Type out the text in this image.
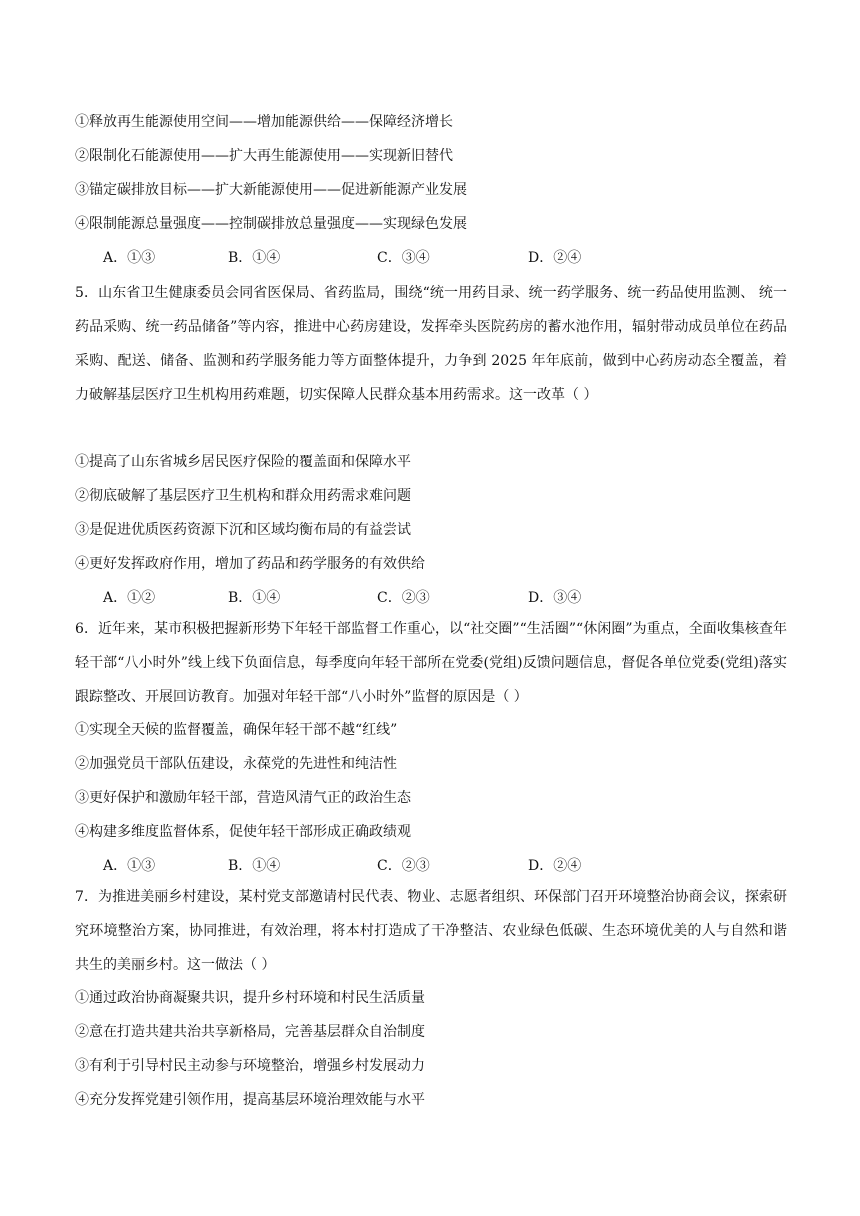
①释放再生能源使用空间——增加能源供给——保障经济增长
②限制化石能源使用——扩大再生能源使用——实现新旧替代
③锚定碳排放目标——扩大新能源使用——促进新能源产业发展
④限制能源总量强度——控制碳排放总量强度——实现绿色发展
A．①③	B．①④	C．③④	D．②④
5．山东省卫生健康委员会同省医保局、省药监局，围绕“统一用药目录、统一药学服务、统一药品使用监测、 统一药品采购、统一药品储备”等内容，推进中心药房建设，发挥牵头医院药房的蓄水池作用，辐射带动成员单位在药品采购、配送、储备、监测和药学服务能力等方面整体提升，力争到 2025 年年底前，做到中心药房动态全覆盖，着力破解基层医疗卫生机构用药难题，切实保障人民群众基本用药需求。这一改革（ ）
①提高了山东省城乡居民医疗保险的覆盖面和保障水平
②彻底破解了基层医疗卫生机构和群众用药需求难问题
③是促进优质医药资源下沉和区域均衡布局的有益尝试
④更好发挥政府作用，增加了药品和药学服务的有效供给
A．①②	B．①④	C．②③	D．③④
6．近年来，某市积极把握新形势下年轻干部监督工作重心，以“社交圈”“生活圈”“休闲圈”为重点，全面收集核查年轻干部“八小时外”线上线下负面信息，每季度向年轻干部所在党委(党组)反馈问题信息，督促各单位党委(党组)落实跟踪整改、开展回访教育。加强对年轻干部“八小时外”监督的原因是（ ）
①实现全天候的监督覆盖，确保年轻干部不越“红线”
②加强党员干部队伍建设，永葆党的先进性和纯洁性
③更好保护和激励年轻干部，营造风清气正的政治生态
④构建多维度监督体系，促使年轻干部形成正确政绩观
A．①③	B．①④	C．②③	D．②④
7．为推进美丽乡村建设，某村党支部邀请村民代表、物业、志愿者组织、环保部门召开环境整治协商会议，探索研究环境整治方案，协同推进，有效治理，将本村打造成了干净整洁、农业绿色低碳、生态环境优美的人与自然和谐共生的美丽乡村。这一做法（ ）
①通过政治协商凝聚共识，提升乡村环境和村民生活质量
②意在打造共建共治共享新格局，完善基层群众自治制度
③有利于引导村民主动参与环境整治，增强乡村发展动力
④充分发挥党建引领作用，提高基层环境治理效能与水平
